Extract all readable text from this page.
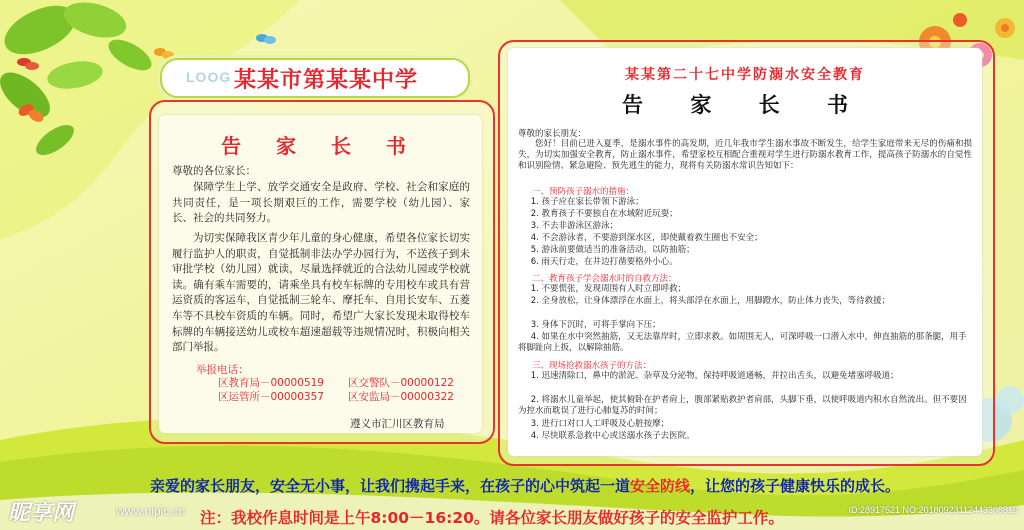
LOOG 某某市第某某中学
告 家 长 书
尊敬的各位家长：

保障学生上学、放学交通安全是政府、学校、社会和家庭的共同责任，是一项长期艰巨的工作，需要学校（幼儿园）、家长、社会的共同努力。

为切实保障我区青少年儿童的身心健康，希望各位家长切实履行监护人的职责，自觉抵制非法办学办园行为，不送孩子到未审批学校（幼儿园）就读，尽量选择就近的合法幼儿园或学校就读。确有乘车需要的，请乘坐具有校车标牌的专用校车或具有营运资质的客运车，自觉抵制三轮车、摩托车、自用长安车、五菱车等不具校车资质的车辆。同时，希望广大家长发现未取得校车标牌的车辆接送幼儿或校车超速超载等违规情况时，积极向相关部门举报。

举报电话：
区教育局－00000519	区交警队－00000122
区运管所－00000357	区安监局－00000322
遵义市汇川区教育局
某某第二十七中学防溺水安全教育
告 家 长 书
尊敬的家长朋友：

您好！目前已进入夏季，是溺水事件的高发期，近几年我市学生溺水事故不断发生，给学生家庭带来无尽的伤痛和损失，为切实加强安全教育，防止溺水事件，希望家校互相配合重视对学生进行防溺水教育工作，提高孩子防溺水的自觉性和识别险情、紧急避险、预先逃生的能力，现将有关防溺水常识告知如下：

一、预防孩子溺水的措施：

1. 孩子应在家长带领下游泳；

2. 教育孩子不要独自在水域附近玩耍；

3. 不去非游泳区游泳；

4. 不会游泳者，不要游到深水区，即使戴着救生圈也不安全；

5. 游泳前要做适当的准备活动，以防抽筋；

6. 雨天行走，在井边打凿要格外小心。

二、教育孩子学会溺水时的自救方法：

1. 不要慌张，发现周围有人时立即呼救；

2. 全身放松，让身体漂浮在水面上，将头部浮在水面上，用脚蹬水，防止体力丧失，等待救援；

3. 身体下沉时，可将手掌向下压；

4. 如果在水中突然抽筋，又无法靠岸时，立即求救。如周围无人，可深呼吸一口潜入水中，伸直抽筋的那条腿，用手将脚趾向上扳，以解除抽筋。

三、现场抢救溺水孩子的方法：

1. 迅速清除口，鼻中的淤泥、杂草及分泌物，保持呼吸道通畅，并拉出舌头，以避免堵塞呼吸道；

2. 将溺水儿童举起，使其俯卧在护者肩上，腹部紧贴救护者肩部，头脚下垂，以使呼吸道内积水自然流出。但不要因为控水而耽误了进行心肺复苏的时间；

3. 进行口对口人工呼吸及心脏按摩；

4. 尽快联系急救中心或送溺水孩子去医院。

亲爱的家长朋友，安全无小事，让我们携起手来，在孩子的心中筑起一道安全防线，让您的孩子健康快乐的成长。
注：我校作息时间是上午8:00－16:20。请各位家长朋友做好孩子的安全监护工作。
昵享网	www.nipic.cn	ID:28917521 NO:20180923112443308819
